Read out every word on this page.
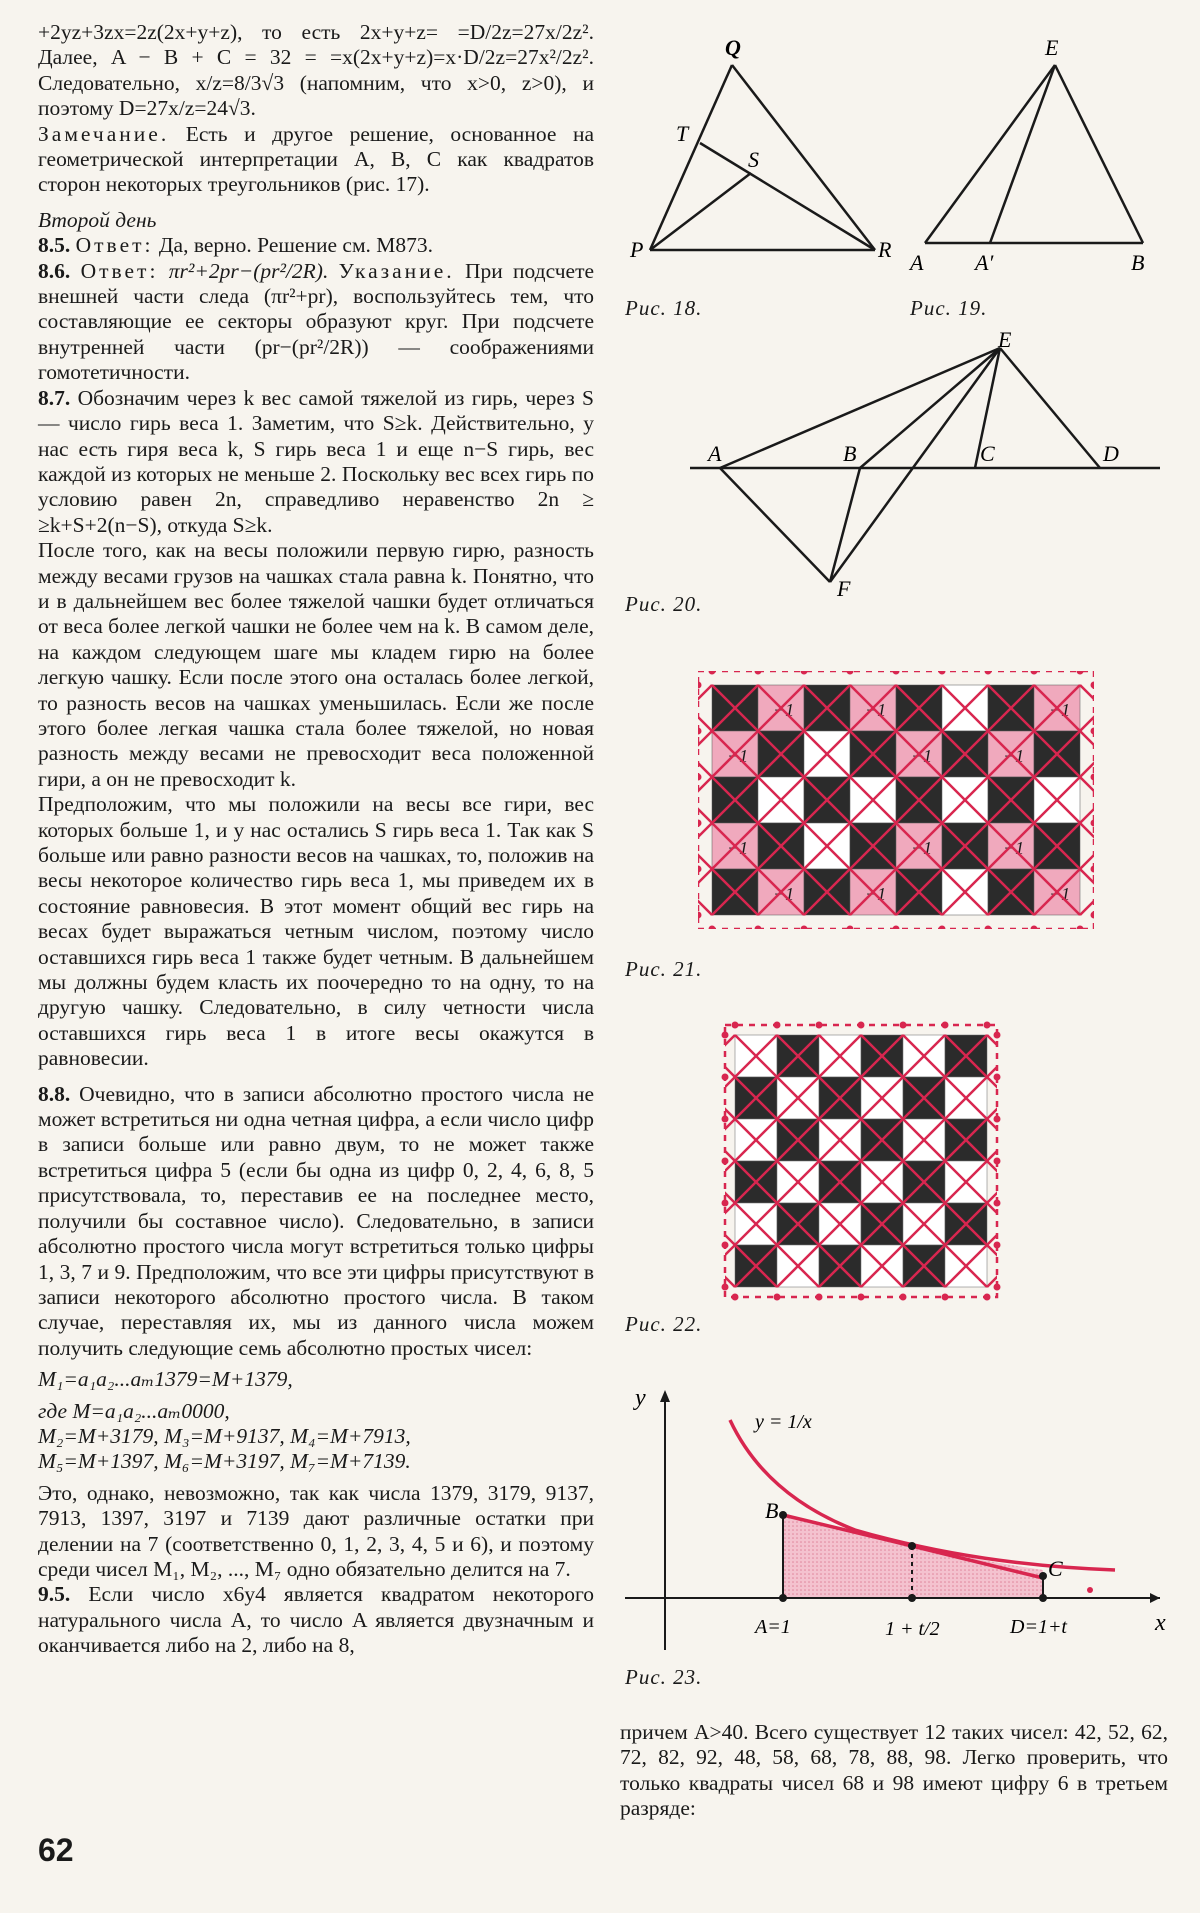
+2yz+3zx=2z(2x+y+z), то есть 2x+y+z= =D/2z=27x/2z². Далее, A − B + C = 32 = =x(2x+y+z)=x·D/2z=27x²/2z². Следовательно, x/z=8/3√3 (напомним, что x>0, z>0), и поэтому D=27x/z=24√3.

Замечание. Есть и другое решение, основанное на геометрической интерпретации A, B, C как квадратов сторон некоторых треугольников (рис. 17).

Второй день

8.5. Ответ: Да, верно. Решение см. М873.

8.6. Ответ: πr²+2pr−(pr²/2R). Указание. При подсчете внешней части следа (πr²+pr), воспользуйтесь тем, что составляющие ее секторы образуют круг. При подсчете внутренней части (pr−(pr²/2R)) — соображениями гомотетичности.

8.7. Обозначим через k вес самой тяжелой из гирь, через S — число гирь веса 1. Заметим, что S≥k. Действительно, у нас есть гиря веса k, S гирь веса 1 и еще n−S гирь, вес каждой из которых не меньше 2. Поскольку вес всех гирь по условию равен 2n, справедливо неравенство 2n ≥ ≥k+S+2(n−S), откуда S≥k.

После того, как на весы положили первую гирю, разность между весами грузов на чашках стала равна k. Понятно, что и в дальнейшем вес более тяжелой чашки будет отличаться от веса более легкой чашки не более чем на k. В самом деле, на каждом следующем шаге мы кладем гирю на более легкую чашку. Если после этого она осталась более легкой, то разность весов на чашках уменьшилась. Если же после этого более легкая чашка стала более тяжелой, но новая разность между весами не превосходит веса положенной гири, а он не превосходит k.

Предположим, что мы положили на весы все гири, вес которых больше 1, и у нас остались S гирь веса 1. Так как S больше или равно разности весов на чашках, то, положив на весы некоторое количество гирь веса 1, мы приведем их в состояние равновесия. В этот момент общий вес гирь на весах будет выражаться четным числом, поэтому число оставшихся гирь веса 1 также будет четным. В дальнейшем мы должны будем класть их поочередно то на одну, то на другую чашку. Следовательно, в силу четности числа оставшихся гирь веса 1 в итоге весы окажутся в равновесии.

8.8. Очевидно, что в записи абсолютно простого числа не может встретиться ни одна четная цифра, а если число цифр в записи больше или равно двум, то не может также встретиться цифра 5 (если бы одна из цифр 0, 2, 4, 6, 8, 5 присутствовала, то, переставив ее на последнее место, получили бы составное число). Следовательно, в записи абсолютно простого числа могут встретиться только цифры 1, 3, 7 и 9. Предположим, что все эти цифры присутствуют в записи некоторого абсолютно простого числа. В таком случае, переставляя их, мы из данного числа можем получить следующие семь абсолютно простых чисел:

M₁=a₁a₂...aₘ1379=M+1379,

где M=a₁a₂...aₘ0000,

M₂=M+3179, M₃=M+9137, M₄=M+7913,

M₅=M+1397, M₆=M+3197, M₇=M+7139.

Это, однако, невозможно, так как числа 1379, 3179, 9137, 7913, 1397, 3197 и 7139 дают различные остатки при делении на 7 (соответственно 0, 1, 2, 3, 4, 5 и 6), и поэтому среди чисел M₁, M₂, ..., M₇ одно обязательно делится на 7.

9.5. Если число x6y4 является квадратом некоторого натурального числа A, то число A является двузначным и оканчивается либо на 2, либо на 8,

Q
T
S
P	R
Рис. 18.
E
A A′	B
Рис. 19.
E
A	B	C	D
F
Рис. 20.
−1	−1	−1
−1	−1	−1
−1	−1	−1
−1	−1	−1
Рис. 21.
Рис. 22.
y
x
B
C
A=1	1 + t/2	D=1+t
y = 1/x
Рис. 23.

причем A>40. Всего существует 12 таких чисел: 42, 52, 62, 72, 82, 92, 48, 58, 68, 78, 88, 98. Легко проверить, что только квадраты чисел 68 и 98 имеют цифру 6 в третьем разряде:

62
